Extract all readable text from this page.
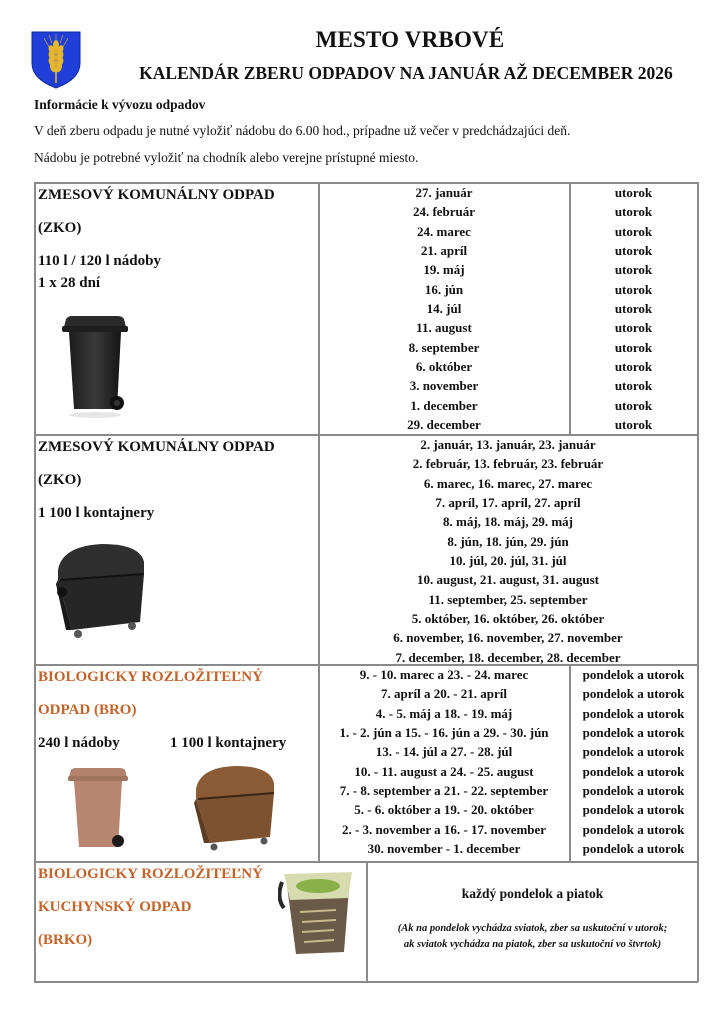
MESTO VRBOVÉ
KALENDÁR ZBERU ODPADOV NA JANUÁR AŽ DECEMBER 2026
Informácie k vývozu odpadov
V deň zberu odpadu je nutné vyložiť nádobu do 6.00 hod., prípadne už večer v predchádzajúci deň.
Nádobu je potrebné vyložiť na chodník alebo verejne prístupné miesto.
ZMESOVÝ KOMUNÁLNY ODPAD
(ZKO)
110 l / 120 l nádoby
1 x 28 dní
27. január
24. február
24. marec
21. apríl
19. máj
16. jún
14. júl
11. august
8. september
6. október
3. november
1. december
29. december
utorok
utorok
utorok
utorok
utorok
utorok
utorok
utorok
utorok
utorok
utorok
utorok
utorok
ZMESOVÝ KOMUNÁLNY ODPAD
(ZKO)
1 100 l kontajnery
2. január, 13. január, 23. január
2. február, 13. február, 23. február
6. marec, 16. marec, 27. marec
7. apríl, 17. apríl, 27. apríl
8. máj, 18. máj, 29. máj
8. jún, 18. jún, 29. jún
10. júl, 20. júl, 31. júl
10. august, 21. august, 31. august
11. september, 25. september
5. október, 16. október, 26. október
6. november, 16. november, 27. november
7. december, 18. december, 28. december
BIOLOGICKY ROZLOŽITEĽNÝ
ODPAD (BRO)
240 l nádoby	1 100 l kontajnery
9. - 10. marec a 23. - 24. marec
7. apríl a 20. - 21. apríl
4. - 5. máj a 18. - 19. máj
1. - 2. jún a 15. - 16. jún a 29. - 30. jún
13. - 14. júl a 27. - 28. júl
10. - 11. august a 24. - 25. august
7. - 8. september a 21. - 22. september
5. - 6. október a 19. - 20. október
2. - 3. november a 16. - 17. november
30. november - 1. december
pondelok a utorok
pondelok a utorok
pondelok a utorok
pondelok a utorok
pondelok a utorok
pondelok a utorok
pondelok a utorok
pondelok a utorok
pondelok a utorok
pondelok a utorok
BIOLOGICKY ROZLOŽITEĽNÝ
KUCHYNSKÝ ODPAD
(BRKO)
každý pondelok a piatok
(Ak na pondelok vychádza sviatok, zber sa uskutoční v utorok;
ak sviatok vychádza na piatok, zber sa uskutoční vo štvrtok)
